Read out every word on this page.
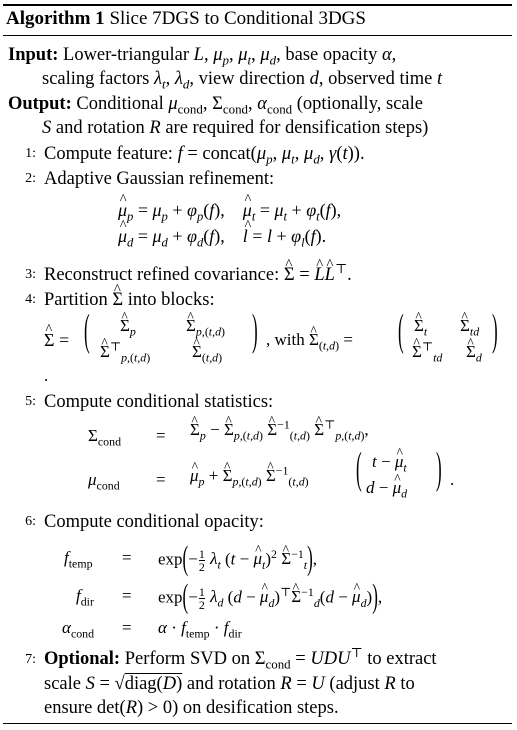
Algorithm 1 Slice 7DGS to Conditional 3DGS
Input: Lower-triangular L, $\mu_p$, $\mu_t$, $\mu_d$, base opacity α,
scaling factors $\lambda_t$, $\lambda_d$, view direction d, observed time t
Output: Conditional $\mu_{cond}$, $\Sigma_{cond}$, $\alpha_{cond}$ (optionally, scale
S and rotation R are required for densification steps)
1: Compute feature: $f = concat(\mu_p$, $\mu_t$, $\mu_d$, γ(t)).
2: Adaptive Gaussian refinement:
^ $\mu_p = \mu_p + \varphi_p(f)$,    ^ $\mu_t = \mu_t + \varphi_t(f)$,
^ $\mu_d = \mu_d + \varphi_d(f)$,    ^ $l = l + \varphi_l(f)$.
3: Reconstruct refined covariance: ^ Σ = ^ L^ L⊤.
4: Partition ^ Σ into blocks:
^ Σ = ( ^ $\Sigma_p$	^ $\Sigma_{p,(t,d)}$
^ $\Sigma^⊤_{p,(t,d)}$ ^ $\Sigma_{(t,d)}$
) , with ^ $\Sigma_{(t,d)}$ =	( ^ $\Sigma_t$ ^ $\Sigma_{td}$
^ $\Sigma^⊤_{td}$ ^ $\Sigma_d$
)
.
5: Compute conditional statistics:
$\Sigma_{cond}$ = ^ $\Sigma_p$ − ^ $\Sigma_{p,(t,d)}$ ^ $\Sigma^{-1}_{(t,d)}$ ^ $\Sigma^⊤_{p,(t,d)}$,
$\mu_{cond}$ = ^ $\mu_p$ + ^ $\Sigma_{p,(t,d)}$ ^ $\Sigma^{-1}_{(t,d)}$	( t − ^ $\mu_t$
d − ^ $\mu_d$
) .
6: Compute conditional opacity:
$f_{temp} = \exp(- \frac{1}{2} \lambda_t$ (t − ^ $\mu_t)^2$ ^ $\Sigma^{-1}_t$),
$f_{dir} = \exp(- \frac{1}{2} \lambda_d$ (d − ^ $\mu_d)^⊤\^{}$ $\Sigma^{-1}_d(d$ − ^ $\mu_d$)),
$\alpha_{cond} = \alpha \cdot f_{temp} \cdot f_{dir}$
7: Optional: Perform SVD on $\Sigma_{cond} = UDU^⊤$ to extract
scale S = √diag(D) and rotation R = U (adjust R to
ensure det(R) > 0) on desification steps.
